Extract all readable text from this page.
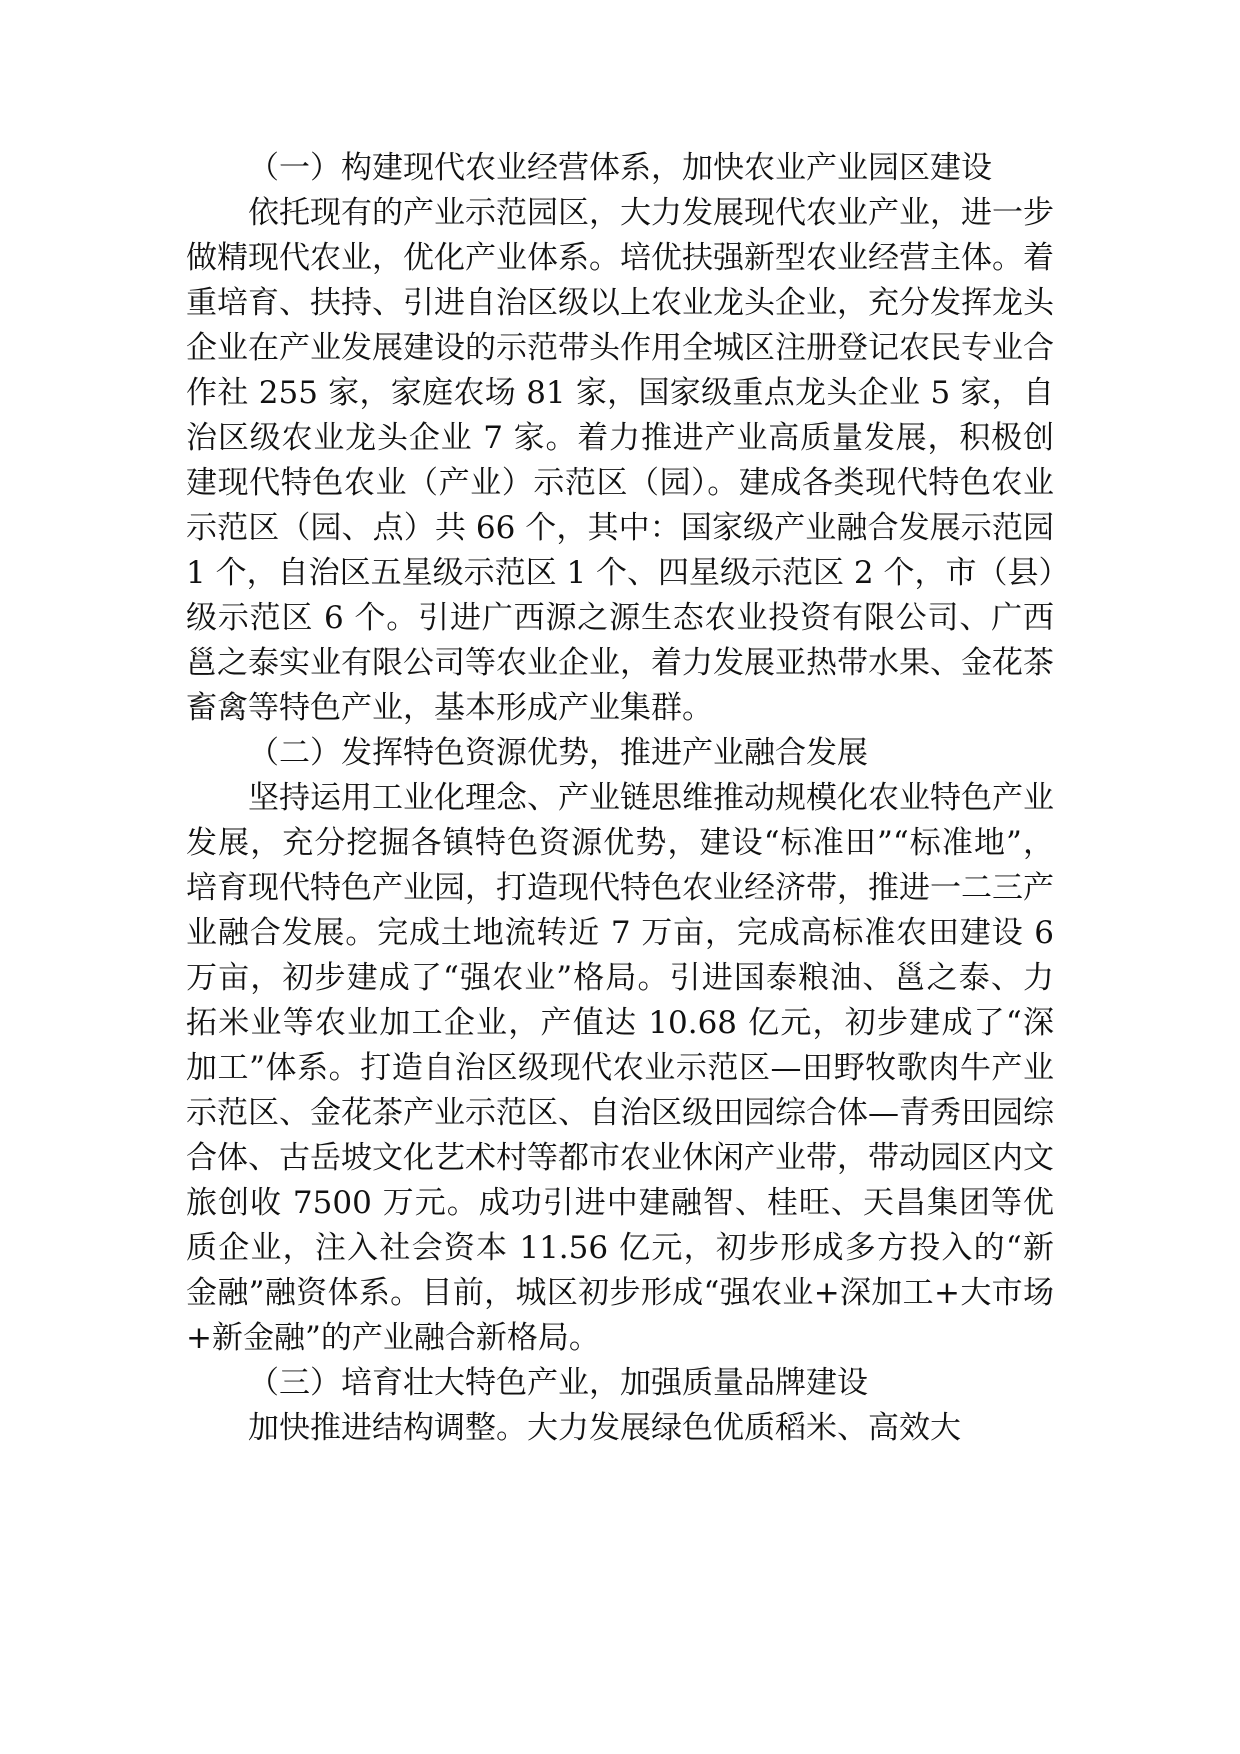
（一）构建现代农业经营体系，加快农业产业园区建设

依托现有的产业示范园区，大力发展现代农业产业，进一步做精现代农业，优化产业体系。培优扶强新型农业经营主体。着重培育、扶持、引进自治区级以上农业龙头企业，充分发挥龙头企业在产业发展建设的示范带头作用全城区注册登记农民专业合作社 255 家，家庭农场 81 家，国家级重点龙头企业 5 家，自治区级农业龙头企业 7 家。着力推进产业高质量发展，积极创建现代特色农业（产业）示范区（园）。建成各类现代特色农业示范区（园、点）共 66 个，其中：国家级产业融合发展示范园 1 个，自治区五星级示范区 1 个、四星级示范区 2 个，市（县）级示范区 6 个。引进广西源之源生态农业投资有限公司、广西邕之泰实业有限公司等农业企业，着力发展亚热带水果、金花茶畜禽等特色产业，基本形成产业集群。

（二）发挥特色资源优势，推进产业融合发展

坚持运用工业化理念、产业链思维推动规模化农业特色产业发展，充分挖掘各镇特色资源优势，建设“标准田”“标准地”，培育现代特色产业园，打造现代特色农业经济带，推进一二三产业融合发展。完成土地流转近 7 万亩，完成高标准农田建设 6 万亩，初步建成了“强农业”格局。引进国泰粮油、邕之泰、力拓米业等农业加工企业，产值达 10.68 亿元，初步建成了“深加工”体系。打造自治区级现代农业示范区—田野牧歌肉牛产业示范区、金花茶产业示范区、自治区级田园综合体—青秀田园综合体、古岳坡文化艺术村等都市农业休闲产业带，带动园区内文旅创收 7500 万元。成功引进中建融智、桂旺、天昌集团等优质企业，注入社会资本 11.56 亿元，初步形成多方投入的“新金融”融资体系。目前，城区初步形成“强农业+深加工+大市场+新金融”的产业融合新格局。

（三）培育壮大特色产业，加强质量品牌建设

加快推进结构调整。大力发展绿色优质稻米、高效大
